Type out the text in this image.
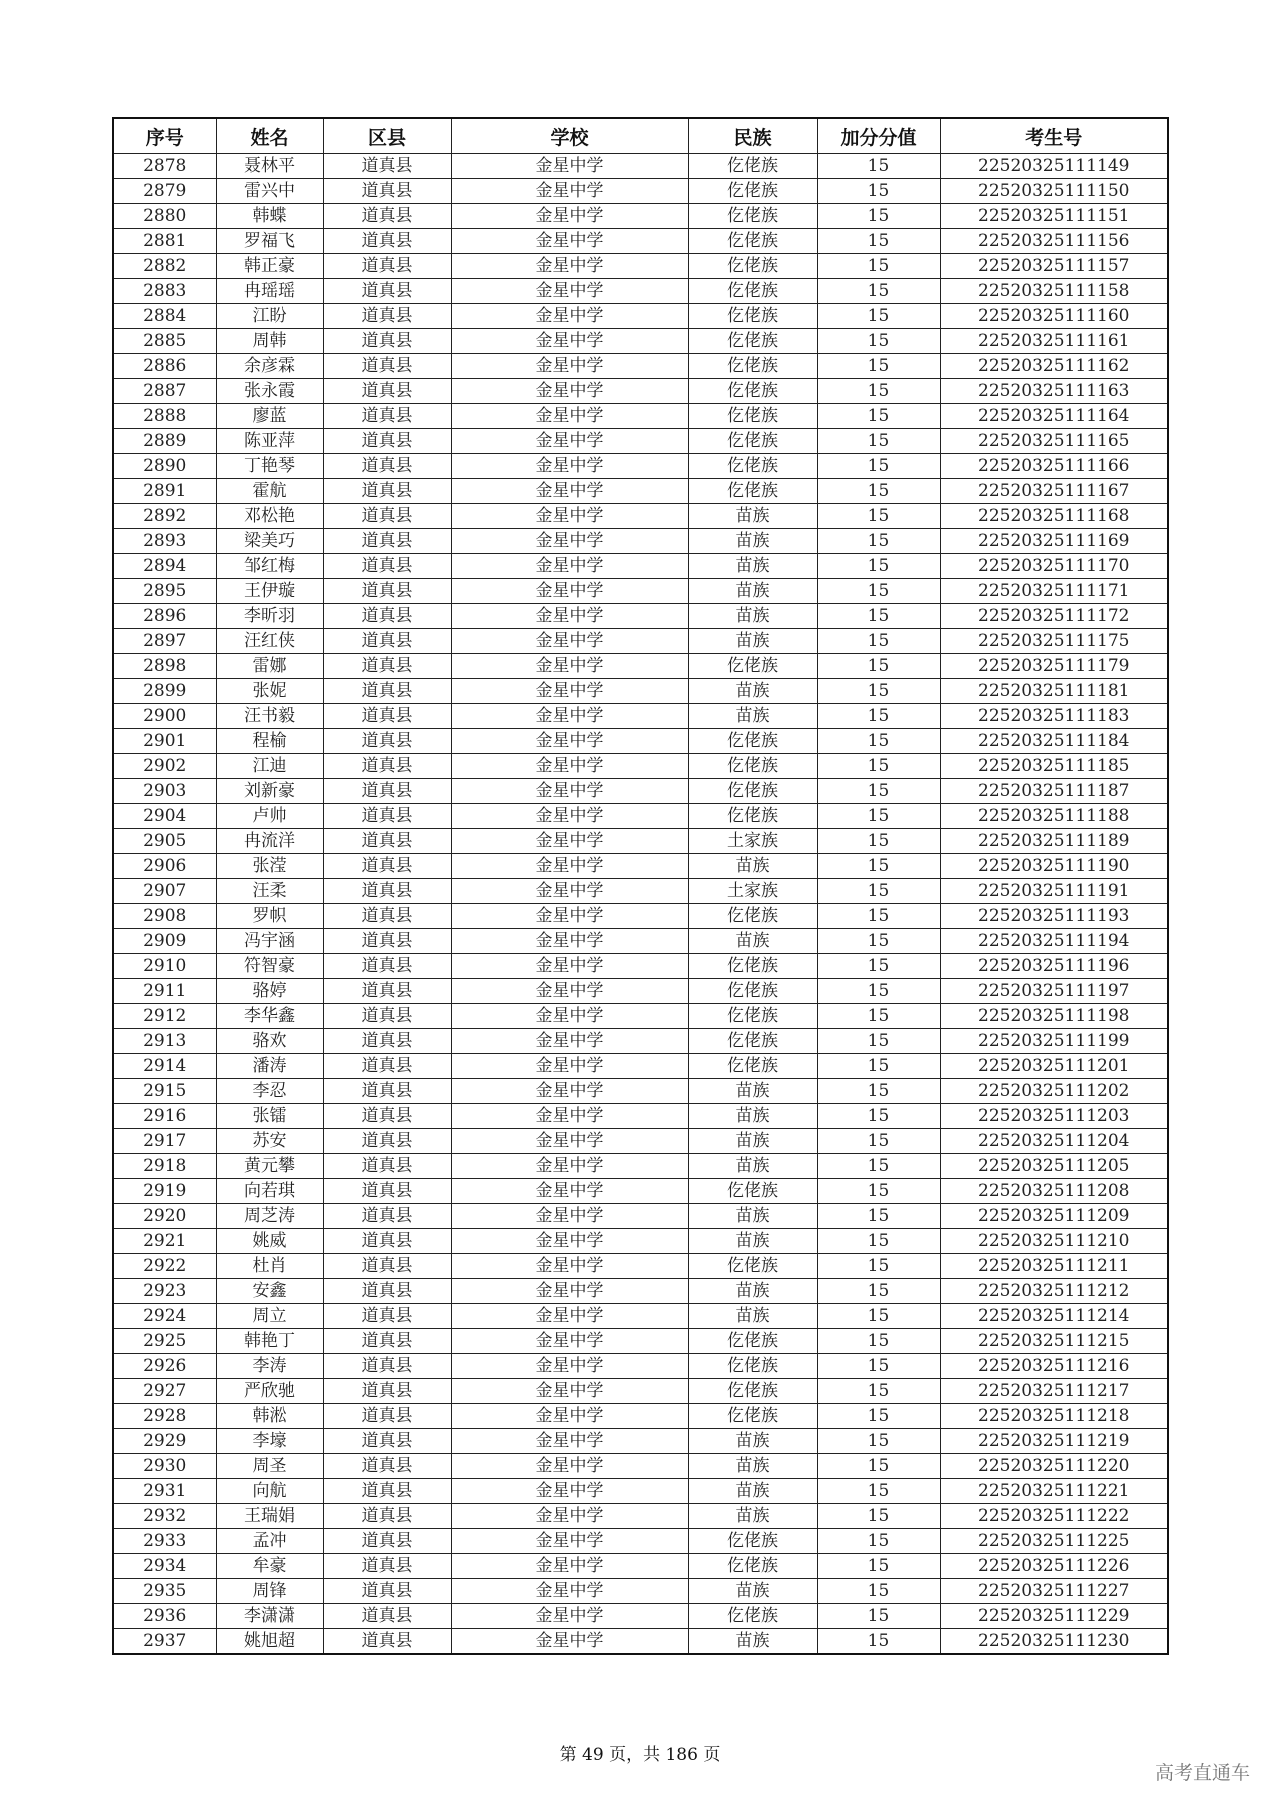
序号	姓名	区县	学校	民族	加分分值	考生号
2878	聂林平	道真县	金星中学	仡佬族	15	22520325111149
2879	雷兴中	道真县	金星中学	仡佬族	15	22520325111150
2880	韩蝶	道真县	金星中学	仡佬族	15	22520325111151
2881	罗福飞	道真县	金星中学	仡佬族	15	22520325111156
2882	韩正豪	道真县	金星中学	仡佬族	15	22520325111157
2883	冉瑶瑶	道真县	金星中学	仡佬族	15	22520325111158
2884	江盼	道真县	金星中学	仡佬族	15	22520325111160
2885	周韩	道真县	金星中学	仡佬族	15	22520325111161
2886	余彦霖	道真县	金星中学	仡佬族	15	22520325111162
2887	张永霞	道真县	金星中学	仡佬族	15	22520325111163
2888	廖蓝	道真县	金星中学	仡佬族	15	22520325111164
2889	陈亚萍	道真县	金星中学	仡佬族	15	22520325111165
2890	丁艳琴	道真县	金星中学	仡佬族	15	22520325111166
2891	霍航	道真县	金星中学	仡佬族	15	22520325111167
2892	邓松艳	道真县	金星中学	苗族	15	22520325111168
2893	梁美巧	道真县	金星中学	苗族	15	22520325111169
2894	邹红梅	道真县	金星中学	苗族	15	22520325111170
2895	王伊璇	道真县	金星中学	苗族	15	22520325111171
2896	李昕羽	道真县	金星中学	苗族	15	22520325111172
2897	汪红侠	道真县	金星中学	苗族	15	22520325111175
2898	雷娜	道真县	金星中学	仡佬族	15	22520325111179
2899	张妮	道真县	金星中学	苗族	15	22520325111181
2900	汪书毅	道真县	金星中学	苗族	15	22520325111183
2901	程榆	道真县	金星中学	仡佬族	15	22520325111184
2902	江迪	道真县	金星中学	仡佬族	15	22520325111185
2903	刘新豪	道真县	金星中学	仡佬族	15	22520325111187
2904	卢帅	道真县	金星中学	仡佬族	15	22520325111188
2905	冉流洋	道真县	金星中学	土家族	15	22520325111189
2906	张滢	道真县	金星中学	苗族	15	22520325111190
2907	汪柔	道真县	金星中学	土家族	15	22520325111191
2908	罗帜	道真县	金星中学	仡佬族	15	22520325111193
2909	冯宇涵	道真县	金星中学	苗族	15	22520325111194
2910	符智豪	道真县	金星中学	仡佬族	15	22520325111196
2911	骆婷	道真县	金星中学	仡佬族	15	22520325111197
2912	李华鑫	道真县	金星中学	仡佬族	15	22520325111198
2913	骆欢	道真县	金星中学	仡佬族	15	22520325111199
2914	潘涛	道真县	金星中学	仡佬族	15	22520325111201
2915	李忍	道真县	金星中学	苗族	15	22520325111202
2916	张镭	道真县	金星中学	苗族	15	22520325111203
2917	苏安	道真县	金星中学	苗族	15	22520325111204
2918	黄元攀	道真县	金星中学	苗族	15	22520325111205
2919	向若琪	道真县	金星中学	仡佬族	15	22520325111208
2920	周芝涛	道真县	金星中学	苗族	15	22520325111209
2921	姚威	道真县	金星中学	苗族	15	22520325111210
2922	杜肖	道真县	金星中学	仡佬族	15	22520325111211
2923	安鑫	道真县	金星中学	苗族	15	22520325111212
2924	周立	道真县	金星中学	苗族	15	22520325111214
2925	韩艳丁	道真县	金星中学	仡佬族	15	22520325111215
2926	李涛	道真县	金星中学	仡佬族	15	22520325111216
2927	严欣驰	道真县	金星中学	仡佬族	15	22520325111217
2928	韩淞	道真县	金星中学	仡佬族	15	22520325111218
2929	李壕	道真县	金星中学	苗族	15	22520325111219
2930	周圣	道真县	金星中学	苗族	15	22520325111220
2931	向航	道真县	金星中学	苗族	15	22520325111221
2932	王瑞娟	道真县	金星中学	苗族	15	22520325111222
2933	孟冲	道真县	金星中学	仡佬族	15	22520325111225
2934	牟豪	道真县	金星中学	仡佬族	15	22520325111226
2935	周锋	道真县	金星中学	苗族	15	22520325111227
2936	李潇潇	道真县	金星中学	仡佬族	15	22520325111229
2937	姚旭超	道真县	金星中学	苗族	15	22520325111230
第 49 页，共 186 页
高考直通车
